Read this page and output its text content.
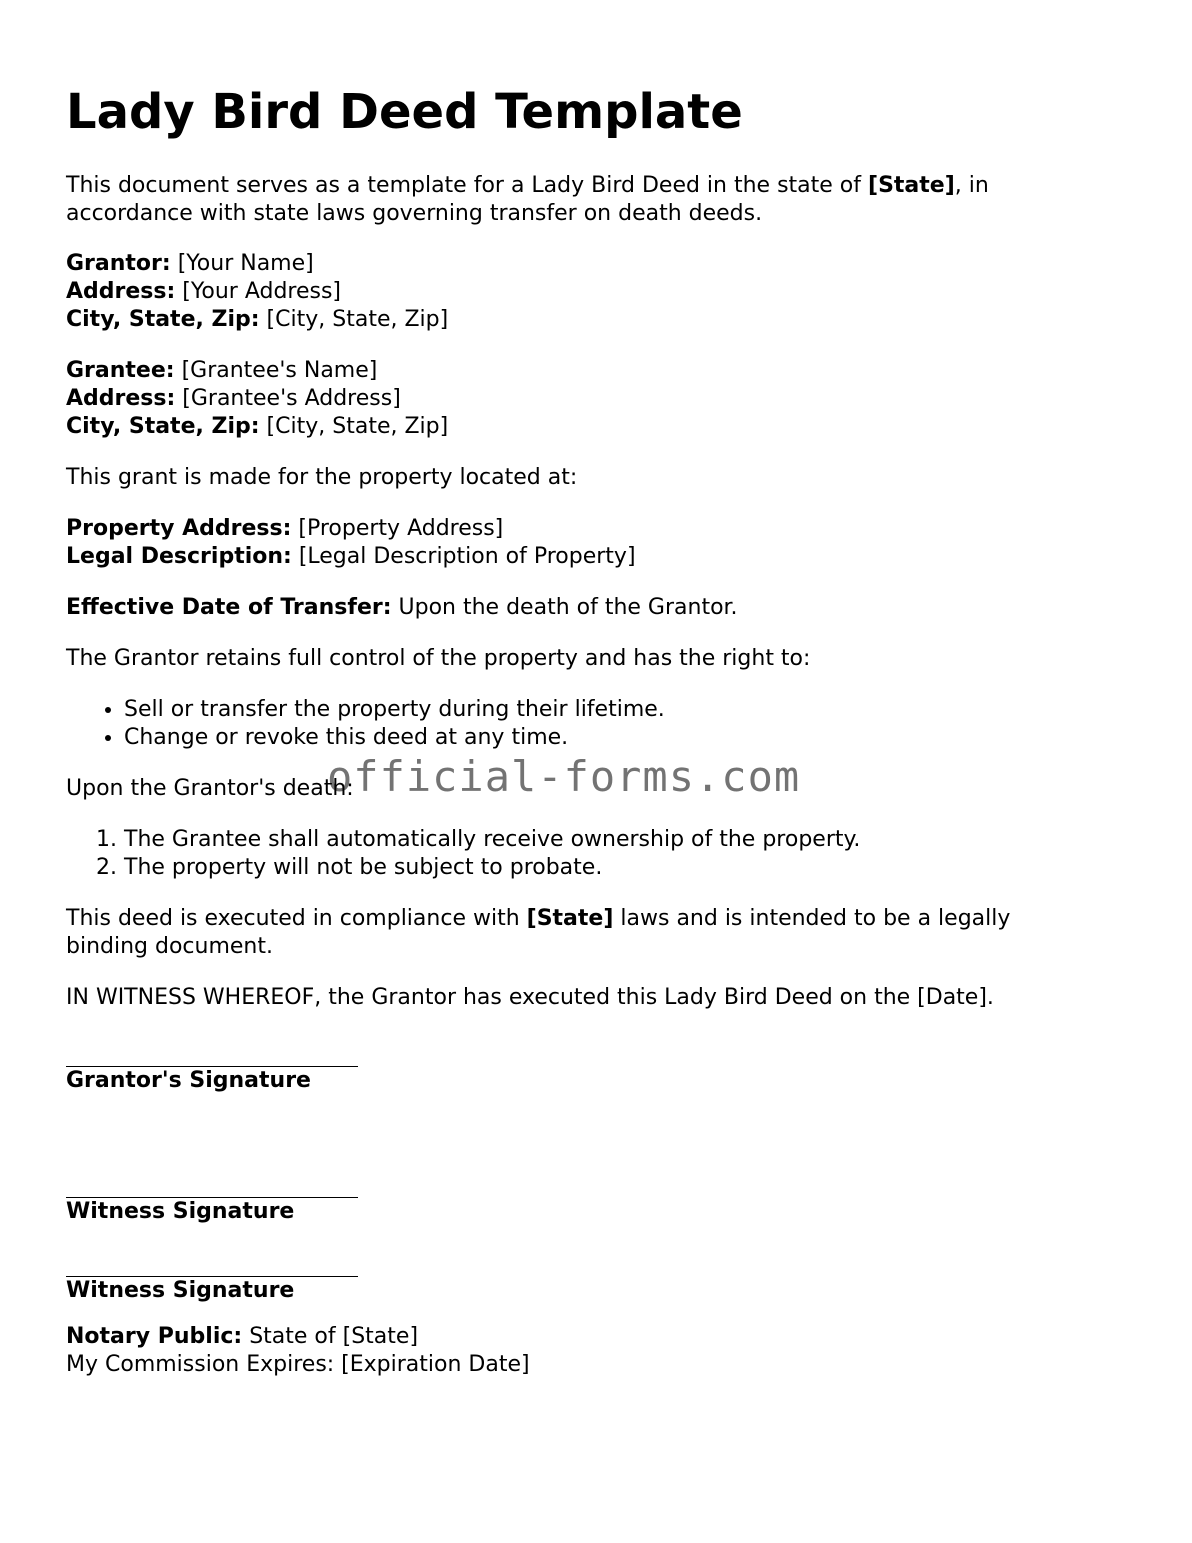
Lady Bird Deed Template

This document serves as a template for a Lady Bird Deed in the state of [State], in
accordance with state laws governing transfer on death deeds.

Grantor: [Your Name]
Address: [Your Address]
City, State, Zip: [City, State, Zip]

Grantee: [Grantee's Name]
Address: [Grantee's Address]
City, State, Zip: [City, State, Zip]

This grant is made for the property located at:

Property Address: [Property Address]
Legal Description: [Legal Description of Property]

Effective Date of Transfer: Upon the death of the Grantor.

The Grantor retains full control of the property and has the right to:

• Sell or transfer the property during their lifetime.
• Change or revoke this deed at any time.

Upon the Grantor's death:

1. The Grantee shall automatically receive ownership of the property.
2. The property will not be subject to probate.

This deed is executed in compliance with [State] laws and is intended to be a legally
binding document.

IN WITNESS WHEREOF, the Grantor has executed this Lady Bird Deed on the [Date].

Grantor's Signature
Witness Signature
Witness Signature

Notary Public: State of [State]
My Commission Expires: [Expiration Date]

official-forms.com
